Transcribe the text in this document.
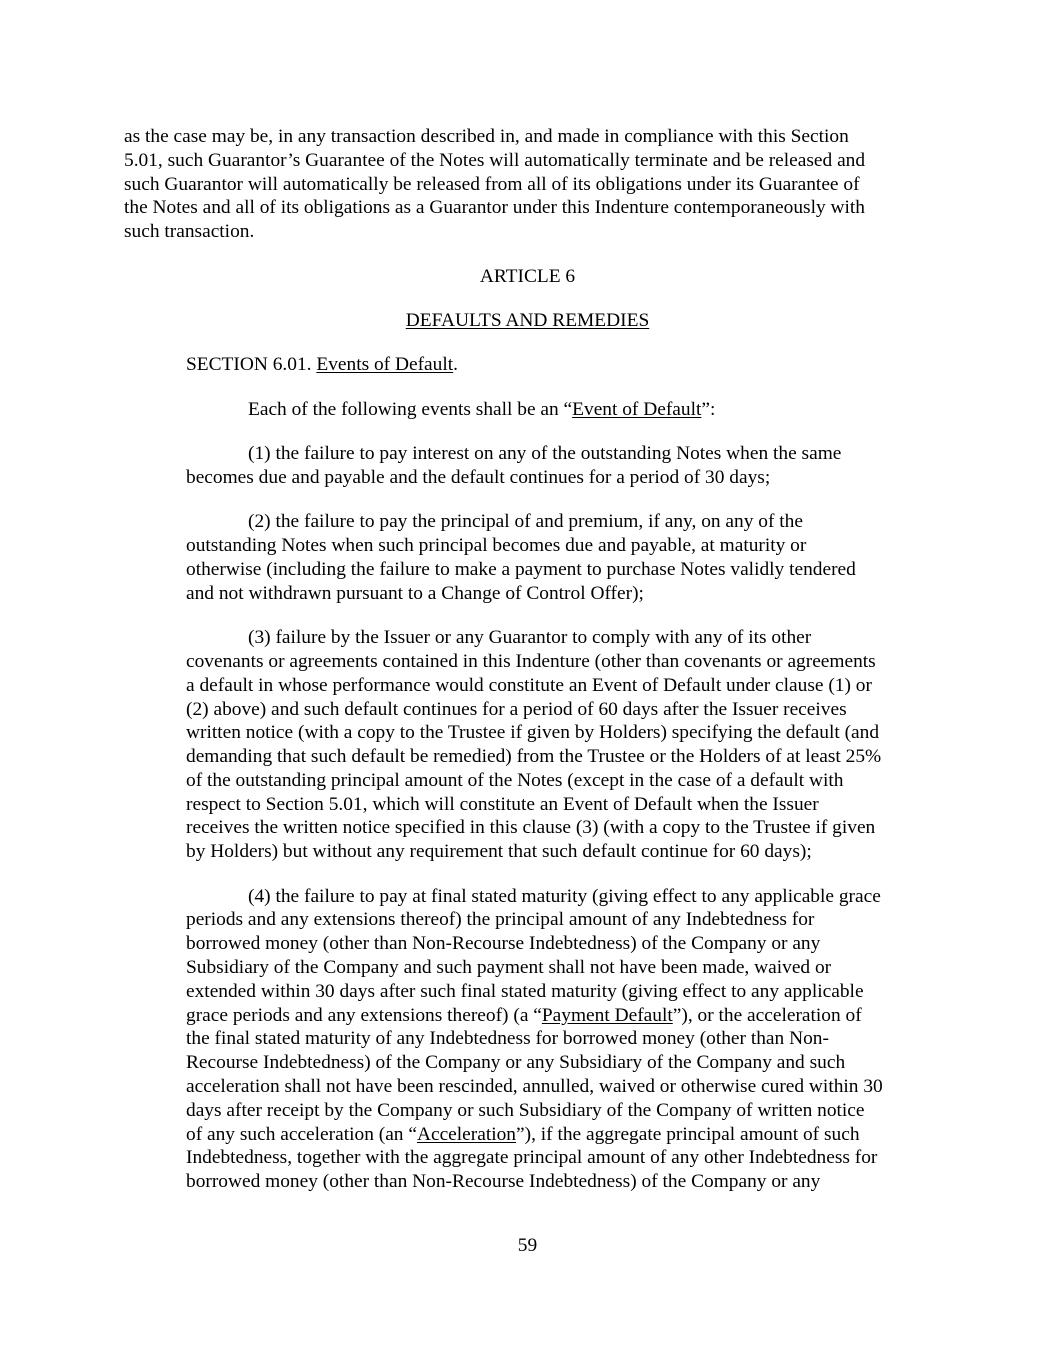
as the case may be, in any transaction described in, and made in compliance with this Section
5.01, such Guarantor’s Guarantee of the Notes will automatically terminate and be released and
such Guarantor will automatically be released from all of its obligations under its Guarantee of
the Notes and all of its obligations as a Guarantor under this Indenture contemporaneously with
such transaction.
ARTICLE 6
DEFAULTS AND REMEDIES
SECTION 6.01. Events of Default.
Each of the following events shall be an “Event of Default”:
(1) the failure to pay interest on any of the outstanding Notes when the same
becomes due and payable and the default continues for a period of 30 days;
(2) the failure to pay the principal of and premium, if any, on any of the
outstanding Notes when such principal becomes due and payable, at maturity or
otherwise (including the failure to make a payment to purchase Notes validly tendered
and not withdrawn pursuant to a Change of Control Offer);
(3) failure by the Issuer or any Guarantor to comply with any of its other
covenants or agreements contained in this Indenture (other than covenants or agreements
a default in whose performance would constitute an Event of Default under clause (1) or
(2) above) and such default continues for a period of 60 days after the Issuer receives
written notice (with a copy to the Trustee if given by Holders) specifying the default (and
demanding that such default be remedied) from the Trustee or the Holders of at least 25%
of the outstanding principal amount of the Notes (except in the case of a default with
respect to Section 5.01, which will constitute an Event of Default when the Issuer
receives the written notice specified in this clause (3) (with a copy to the Trustee if given
by Holders) but without any requirement that such default continue for 60 days);
(4) the failure to pay at final stated maturity (giving effect to any applicable grace
periods and any extensions thereof) the principal amount of any Indebtedness for
borrowed money (other than Non-Recourse Indebtedness) of the Company or any
Subsidiary of the Company and such payment shall not have been made, waived or
extended within 30 days after such final stated maturity (giving effect to any applicable
grace periods and any extensions thereof) (a “Payment Default”), or the acceleration of
the final stated maturity of any Indebtedness for borrowed money (other than Non-
Recourse Indebtedness) of the Company or any Subsidiary of the Company and such
acceleration shall not have been rescinded, annulled, waived or otherwise cured within 30
days after receipt by the Company or such Subsidiary of the Company of written notice
of any such acceleration (an “Acceleration”), if the aggregate principal amount of such
Indebtedness, together with the aggregate principal amount of any other Indebtedness for
borrowed money (other than Non-Recourse Indebtedness) of the Company or any
59
